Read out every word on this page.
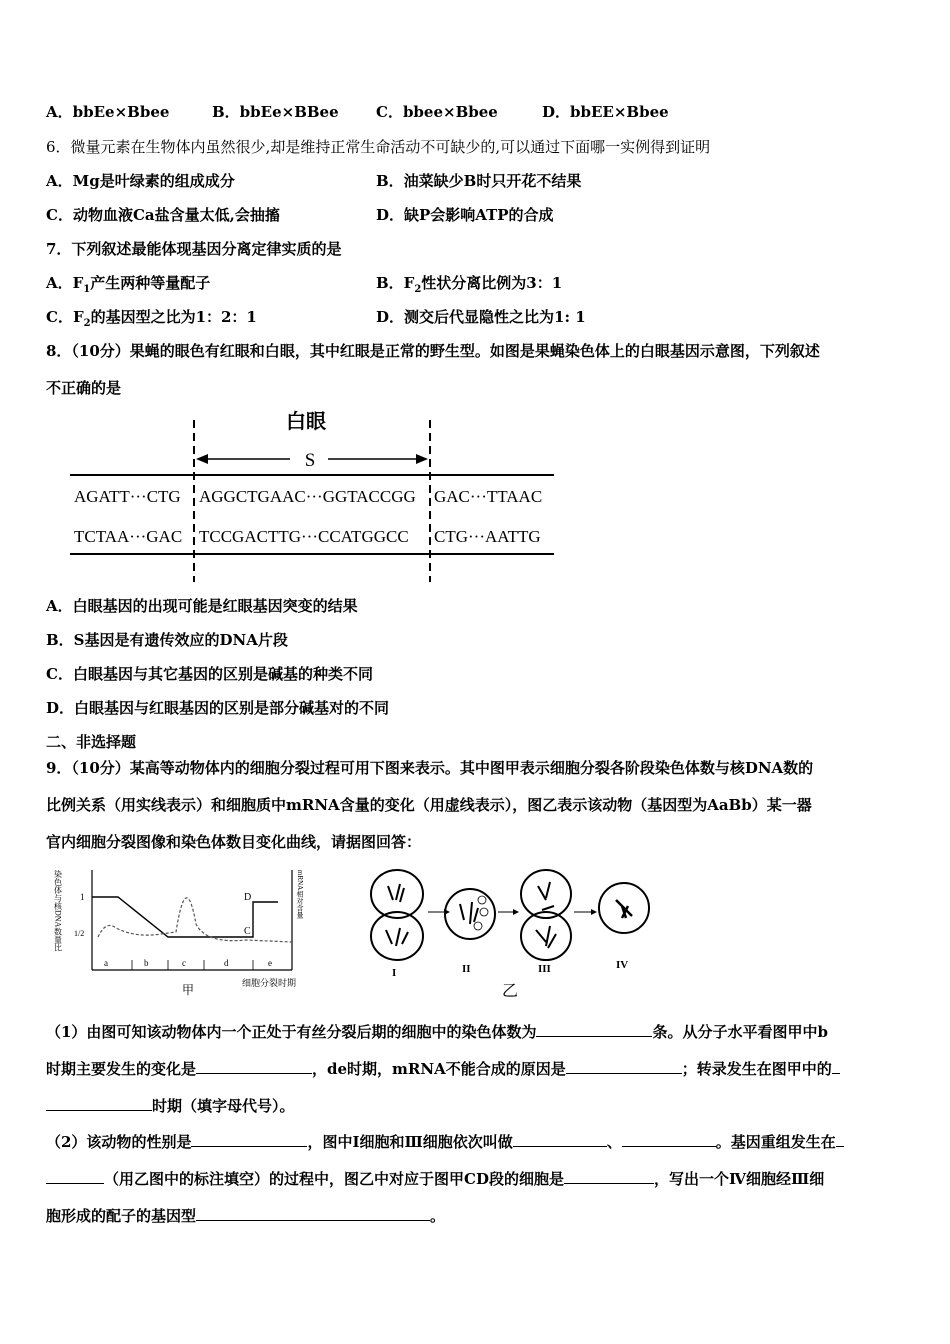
A．bbEe×Bbee	B．bbEe×BBee C．bbee×Bbee	D．bbEE×Bbee
6．微量元素在生物体内虽然很少,却是维持正常生命活动不可缺少的,可以通过下面哪一实例得到证明
A．Mg是叶绿素的组成成分	B．油菜缺少B时只开花不结果
C．动物血液Ca盐含量太低,会抽搐	D．缺P会影响ATP的合成
7．下列叙述最能体现基因分离定律实质的是
A．$F_1$产生两种等量配子	B．$F_2$性状分离比例为3：1
C．$F_2$的基因型之比为1：2：1	D．测交后代显隐性之比为1: 1
8．（10分）果蝇的眼色有红眼和白眼，其中红眼是正常的野生型。如图是果蝇染色体上的白眼基因示意图，下列叙述
不正确的是
白眼
S
AGATT···CTG AGGCTGAAC···GGTACCGG GAC···TTAAC
TCTAA···GAC TCCGACTTG···CCATGGCC CTG···AATTG
A．白眼基因的出现可能是红眼基因突变的结果
B．S基因是有遗传效应的DNA片段
C．白眼基因与其它基因的区别是碱基的种类不同
D．白眼基因与红眼基因的区别是部分碱基对的不同
二、非选择题
9．（10分）某高等动物体内的细胞分裂过程可用下图来表示。其中图甲表示细胞分裂各阶段染色体数与核DNA数的
比例关系（用实线表示）和细胞质中mRNA含量的变化（用虚线表示），图乙表示该动物（基因型为AaBb）某一器
官内细胞分裂图像和染色体数目变化曲线，请据图回答：
染色体与核DNA数量比 1
1/2
D
C
mRNA相对含量
a	b	c	d	e
细胞分裂时期
甲
I	II	III	IV
乙
（1）由图可知该动物体内一个正处于有丝分裂后期的细胞中的染色体数为	条。从分子水平看图甲中b
时期主要发生的变化是	，de时期，mRNA不能合成的原因是	；转录发生在图甲中的
时期（填字母代号）。
（2）该动物的性别是	，图中Ⅰ细胞和Ⅲ细胞依次叫做	、	。基因重组发生在
（用乙图中的标注填空）的过程中，图乙中对应于图甲CD段的细胞是	，写出一个Ⅳ细胞经Ⅲ细
胞形成的配子的基因型	。
